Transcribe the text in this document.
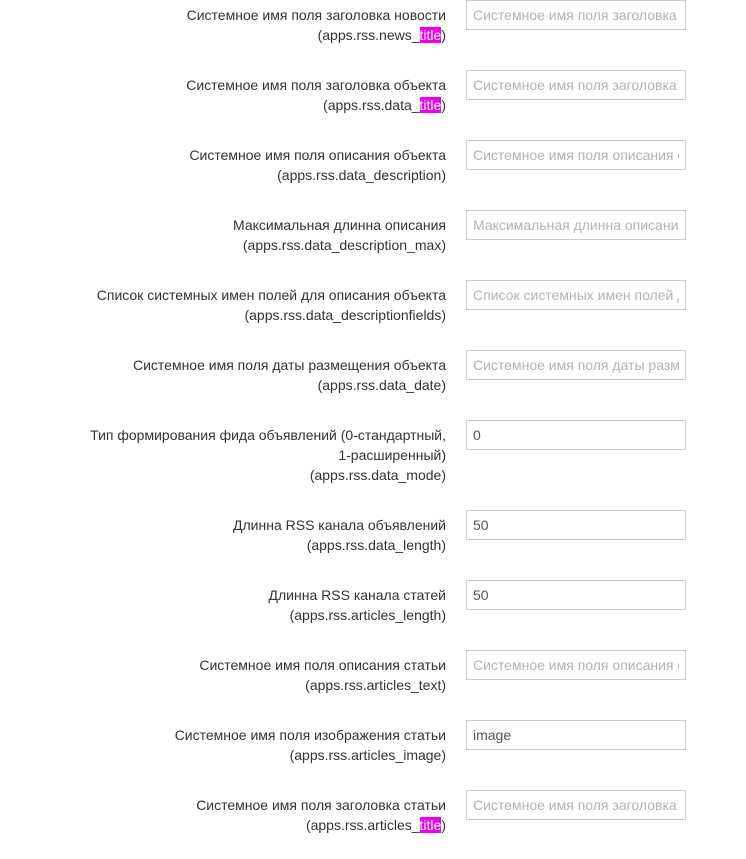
Системное имя поля заголовка новости
(apps.rss.news_title)
Системное имя поля заголовка новости
Системное имя поля заголовка объекта
(apps.rss.data_title)
Системное имя поля заголовка объекта
Системное имя поля описания объекта
(apps.rss.data_description)
Системное имя поля описания объекта
Максимальная длинна описания
(apps.rss.data_description_max)
Максимальная длинна описания
Список системных имен полей для описания объекта
(apps.rss.data_descriptionfields)
Список системных имен полей для описания объекта
Системное имя поля даты размещения объекта
(apps.rss.data_date)
Системное имя поля даты размещения объекта
Тип формирования фида объявлений (0-стандартный,
1-расширенный)
(apps.rss.data_mode)
0
Длинна RSS канала объявлений
(apps.rss.data_length)
50
Длинна RSS канала статей
(apps.rss.articles_length)
50
Системное имя поля описания статьи
(apps.rss.articles_text)
Системное имя поля описания статьи
Системное имя поля изображения статьи
(apps.rss.articles_image)
image
Системное имя поля заголовка статьи
(apps.rss.articles_title)
Системное имя поля заголовка статьи
